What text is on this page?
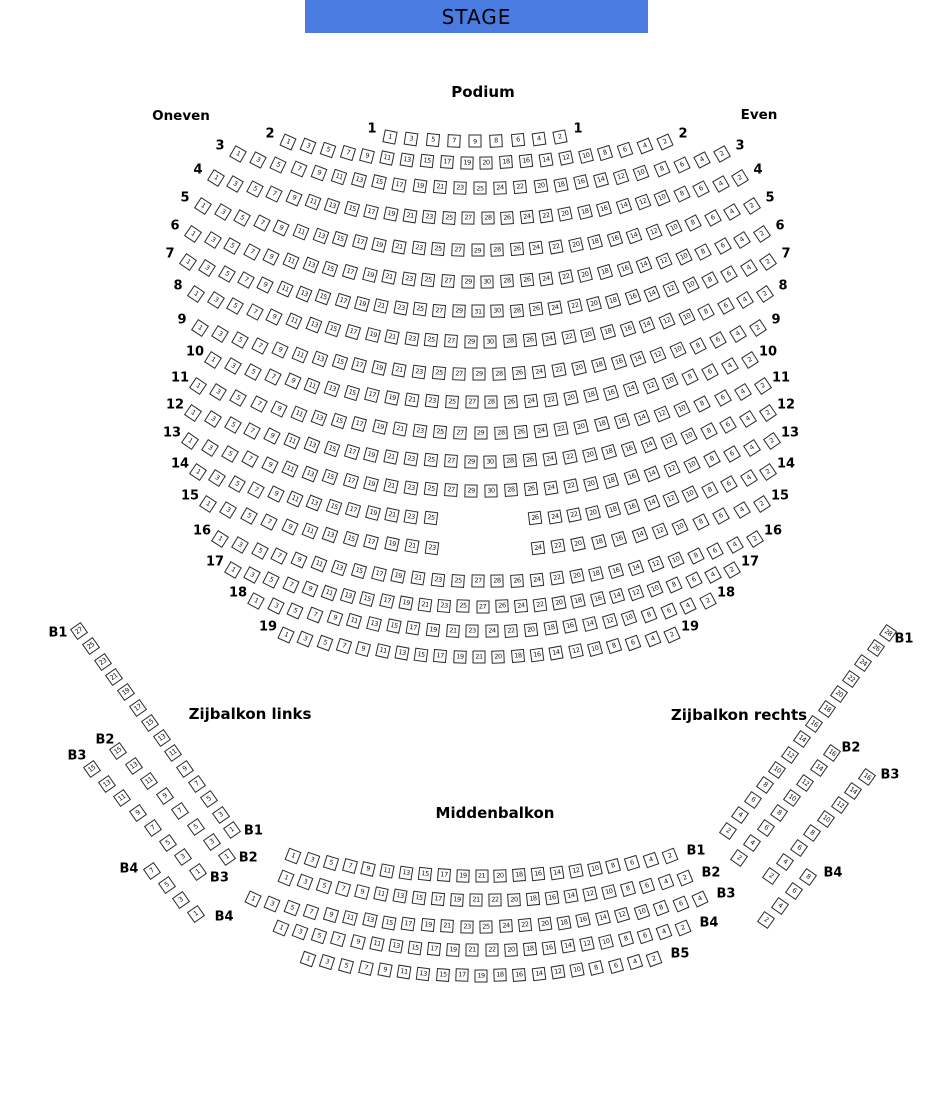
STAGE
Podium
Oneven	Even
Zijbalkon links	Zijbalkon rechts
Middenbalkon
1	3	5	7	9	8	6	4	2
1	1
1	3	5	7	9	11	13	15	17	19	20	18	16	14	12	10	8	6	4	2
2	2
1
3
5
7	9	11	13	15	17	19	21	23	25	24	22	20	18	16	14	12	10	8
6
4
2
3	3
1
3
5
7
9	11	13	15	17	19	21	23	25	27	28	26	24	22	20	18	16	14	12	10	8
6
4
2
4	4
1
3
5
7
9	11	13	15	17	19	21	23	25	27	29	28	26	24	22	20	18	16	14	12	10	8
6
4
2
5	5
1
3
5
7
9	11	13	15	17	19	21	23	25	27	29	30	28	26	24	22	20	18	16	14	12	10	8
6
4
2
6	6
1
3
5
7
9	11	13	15	17	19	21	23	25	27	29	31	30	28	26	24	22	20	18	16	14	12	10	8
6
4
2
7	7
1
3
5
7
9	11	13	15	17	19	21	23	25	27	29	30	28	26	24	22	20	18	16	14	12	10	8
6
4
2
8	8
1
3
5
7
9	11	13	15	17	19	21	23	25	27	29	28	26	24	22	20	18	16	14	12	10	8
6
4
2
9	9
1
3
5
7
9	11	13	15	17	19	21	23	25	27	28	26	24	22	20	18	16	14	12	10	8
6
4
2
10	10
1
3
5
7
9	11	13	15	17	19	21	23	25	27	29	28	26	24	22	20	18	16	14	12	10	8
6
4
2
11	11
1
3
5
7
9	11	13	15	17	19	21	23	25	27	29	30	28	26	24	22	20	18	16	14	12	10	8
6
4
2
12	12
1
3
5
7
9	11	13	15	17	19	21	23	25	27	29	30	28	26	24	22	20	18	16	14	12	10
8
6
4
2
13	13
1
3
5
7
9	11	13	15	17	19	21	23	25	26	24	22	20	18	16	14	12	10	8
6
4
2
14	14
1
3
5
7
9	11	13	15	17	19	21	23	24	22	20	18	16	14	12	10	8
6
4
2
15	15
1
3
5
7
9	11	13	15	17	19	21	23	25	27	28	26	24	22	20	18	16	14	12	10	8
6
4
2
16	16
1
3
5
7	9	11	13	15	17	19	21	23	25	27	26	24	22	20	18	16	14	12	10	8
6
4
2
17	17
1
3
5	7	9	11	13	15	17	19	21	23	24	22	20	18	16	14	12	10	8	6
4
2
18	18
1	3	5	7	9	11	13	15	17	19	21	20	18	16	14	12	10	8	6	4	2
19	19
27
25
23
21
19
17
15
13
11
9
7
5
3
1
B1
B1
15
13
11
9
7
5
3
1
B2
B2
15
13
11
9
7
5
3
1
B3
B3
7
5
3
1
B4
B4
28
26
24
22
20
18
16
14
12
10
8
6
4
2
B1
16
14
12
10
8
6
4
2
B2
16
14
12
10
8
6
4
2
B3
8
6
4
2
B4
1	3	5	7	9	11	13	15	17	19	21	20	18	16	14	12	10	8	6	4	2	B1
1	3	5	7	9	11	13	15	17	19	21	22	20	18	16	14	12	10	8	6	4	2	B2
1
3	5	7	9	11	13	15	17	19	21	23	25	24	22	20	18	16	14	12	10	8	6
4	B3
1	3	5	7	9	11	13	15	17	19	21	22	20	18	16	14	12	10	8	6	4	2	B4
1	3	5	7	9	11	13	15	17	19	18	16	14	12	10	8	6	4	2	B5
